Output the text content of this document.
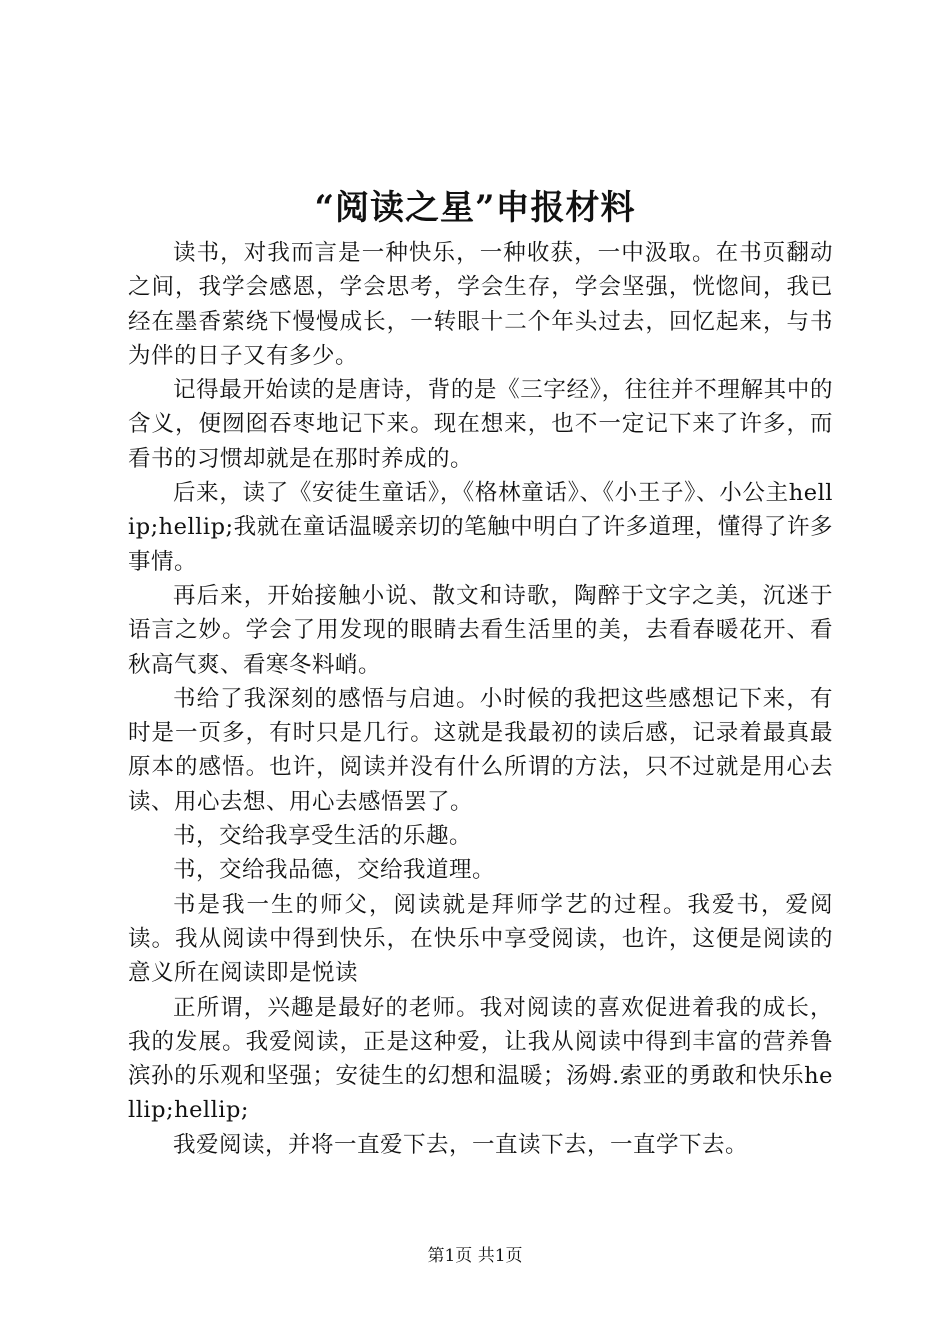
“阅读之星”申报材料

读书，对我而言是一种快乐，一种收获，一中汲取。在书页翻动之间，我学会感恩，学会思考，学会生存，学会坚强，恍惚间，我已经在墨香萦绕下慢慢成长，一转眼十二个年头过去，回忆起来，与书为伴的日子又有多少。

记得最开始读的是唐诗，背的是《三字经》，往往并不理解其中的含义，便囫囵吞枣地记下来。现在想来，也不一定记下来了许多，而看书的习惯却就是在那时养成的。

后来，读了《安徒生童话》，《格林童话》、《小王子》、小公主hellip;hellip;我就在童话温暖亲切的笔触中明白了许多道理，懂得了许多事情。

再后来，开始接触小说、散文和诗歌，陶醉于文字之美，沉迷于语言之妙。学会了用发现的眼睛去看生活里的美，去看春暖花开、看秋高气爽、看寒冬料峭。

书给了我深刻的感悟与启迪。小时候的我把这些感想记下来，有时是一页多，有时只是几行。这就是我最初的读后感，记录着最真最原本的感悟。也许，阅读并没有什么所谓的方法，只不过就是用心去读、用心去想、用心去感悟罢了。

书，交给我享受生活的乐趣。

书，交给我品德，交给我道理。

书是我一生的师父，阅读就是拜师学艺的过程。我爱书，爱阅读。我从阅读中得到快乐，在快乐中享受阅读，也许，这便是阅读的意义所在阅读即是悦读

正所谓，兴趣是最好的老师。我对阅读的喜欢促进着我的成长，我的发展。我爱阅读，正是这种爱，让我从阅读中得到丰富的营养鲁滨孙的乐观和坚强；安徒生的幻想和温暖；汤姆.索亚的勇敢和快乐hellip;hellip;

我爱阅读，并将一直爱下去，一直读下去，一直学下去。

第1页 共1页
